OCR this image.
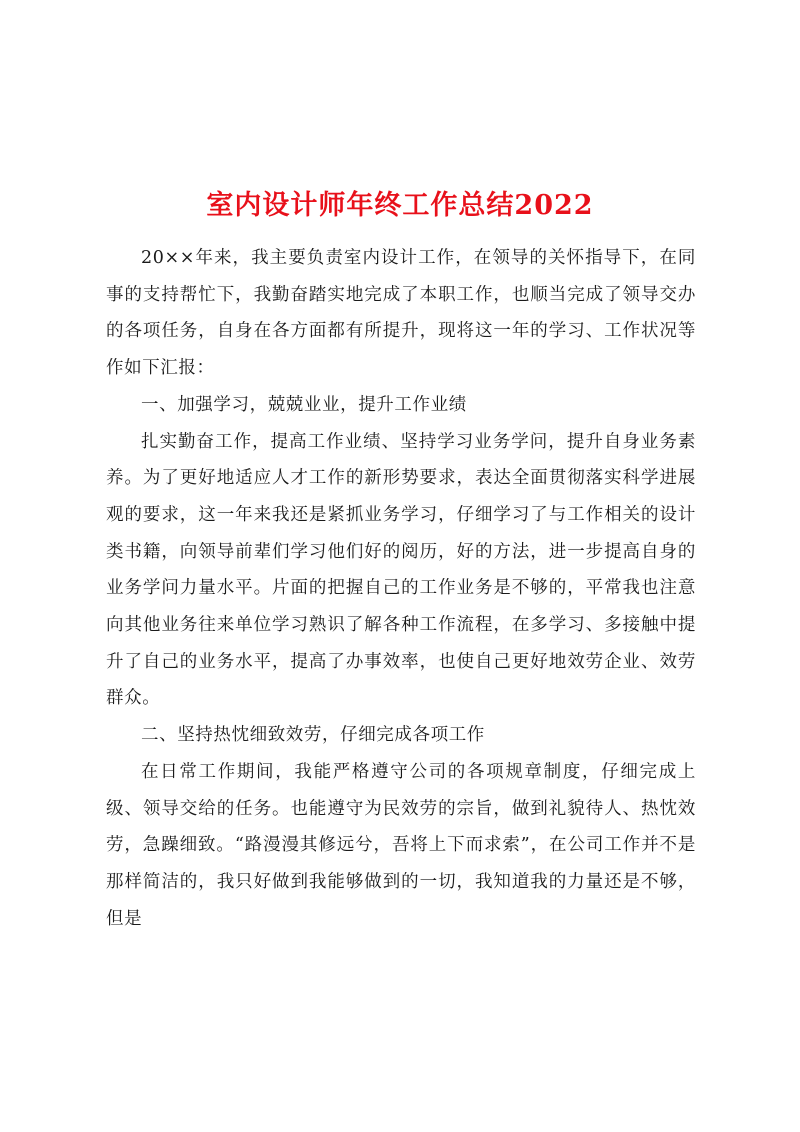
室内设计师年终工作总结2022

20××年来，我主要负责室内设计工作，在领导的关怀指导下，在同事的支持帮忙下，我勤奋踏实地完成了本职工作，也顺当完成了领导交办的各项任务，自身在各方面都有所提升，现将这一年的学习、工作状况等作如下汇报：

一、加强学习，兢兢业业，提升工作业绩

扎实勤奋工作，提高工作业绩、坚持学习业务学问，提升自身业务素养。为了更好地适应人才工作的新形势要求，表达全面贯彻落实科学进展观的要求，这一年来我还是紧抓业务学习，仔细学习了与工作相关的设计类书籍，向领导前辈们学习他们好的阅历，好的方法，进一步提高自身的业务学问力量水平。片面的把握自己的工作业务是不够的，平常我也注意向其他业务往来单位学习熟识了解各种工作流程，在多学习、多接触中提升了自己的业务水平，提高了办事效率，也使自己更好地效劳企业、效劳群众。

二、坚持热忱细致效劳，仔细完成各项工作

在日常工作期间，我能严格遵守公司的各项规章制度，仔细完成上级、领导交给的任务。也能遵守为民效劳的宗旨，做到礼貌待人、热忱效劳，急躁细致。“路漫漫其修远兮，吾将上下而求索”，在公司工作并不是那样简洁的，我只好做到我能够做到的一切，我知道我的力量还是不够，但是
